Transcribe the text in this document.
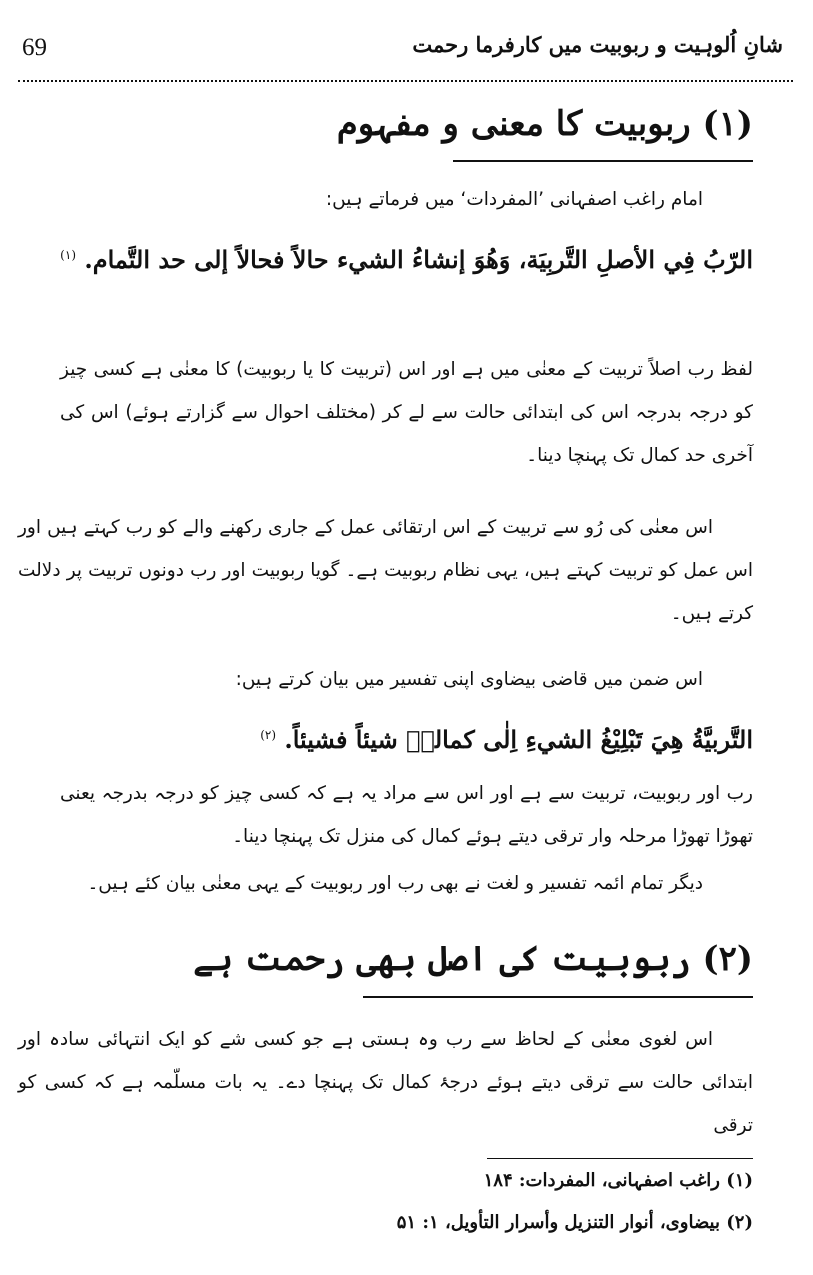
69	شانِ اُلوہیت و ربوبیت میں کارفرما رحمت
(۱) ربوبیت کا معنی و مفہوم
امام راغب اصفہانی ’المفردات‘ میں فرماتے ہیں:
الرّبُ فِي الأصلِ التَّربِيَة، وَهُوَ إنشاءُ الشيء حالاً فحالاً إلى حد التَّمام. $^{(۱)}$
لفظ رب اصلاً تربیت کے معنٰی میں ہے اور اس (تربیت کا یا ربوبیت) کا معنٰی ہے کسی چیز کو درجہ بدرجہ اس کی ابتدائی حالت سے لے کر (مختلف احوال سے گزارتے ہوئے) اس کی آخری حد کمال تک پہنچا دینا۔
اس معنٰی کی رُو سے تربیت کے اس ارتقائی عمل کے جاری رکھنے والے کو رب کہتے ہیں اور اس عمل کو تربیت کہتے ہیں، یہی نظام ربوبیت ہے۔ گویا ربوبیت اور رب دونوں تربیت پر دلالت کرتے ہیں۔
اس ضمن میں قاضی بیضاوی اپنی تفسیر میں بیان کرتے ہیں:
التَّربيَّةُ هِيَ تَبْلِيْغُ الشيءِ اِلٰى كمالهٖ شيئاً فشيئاً. $^{(۲)}$
رب اور ربوبیت، تربیت سے ہے اور اس سے مراد یہ ہے کہ کسی چیز کو درجہ بدرجہ یعنی تھوڑا تھوڑا مرحلہ وار ترقی دیتے ہوئے کمال کی منزل تک پہنچا دینا۔
دیگر تمام ائمہ تفسیر و لغت نے بھی رب اور ربوبیت کے یہی معنٰی بیان کئے ہیں۔
(۲) ربوبیت کی اصل بھی رحمت ہے
اس لغوی معنٰی کے لحاظ سے رب وہ ہستی ہے جو کسی شے کو ایک انتہائی سادہ اور ابتدائی حالت سے ترقی دیتے ہوئے درجۂ کمال تک پہنچا دے۔ یہ بات مسلّمہ ہے کہ کسی کو ترقی
(۱) راغب اصفہانی، المفردات: ۱۸۴
(۲) بیضاوی، أنوار التنزيل وأسرار التأويل، ۱: ۵۱
